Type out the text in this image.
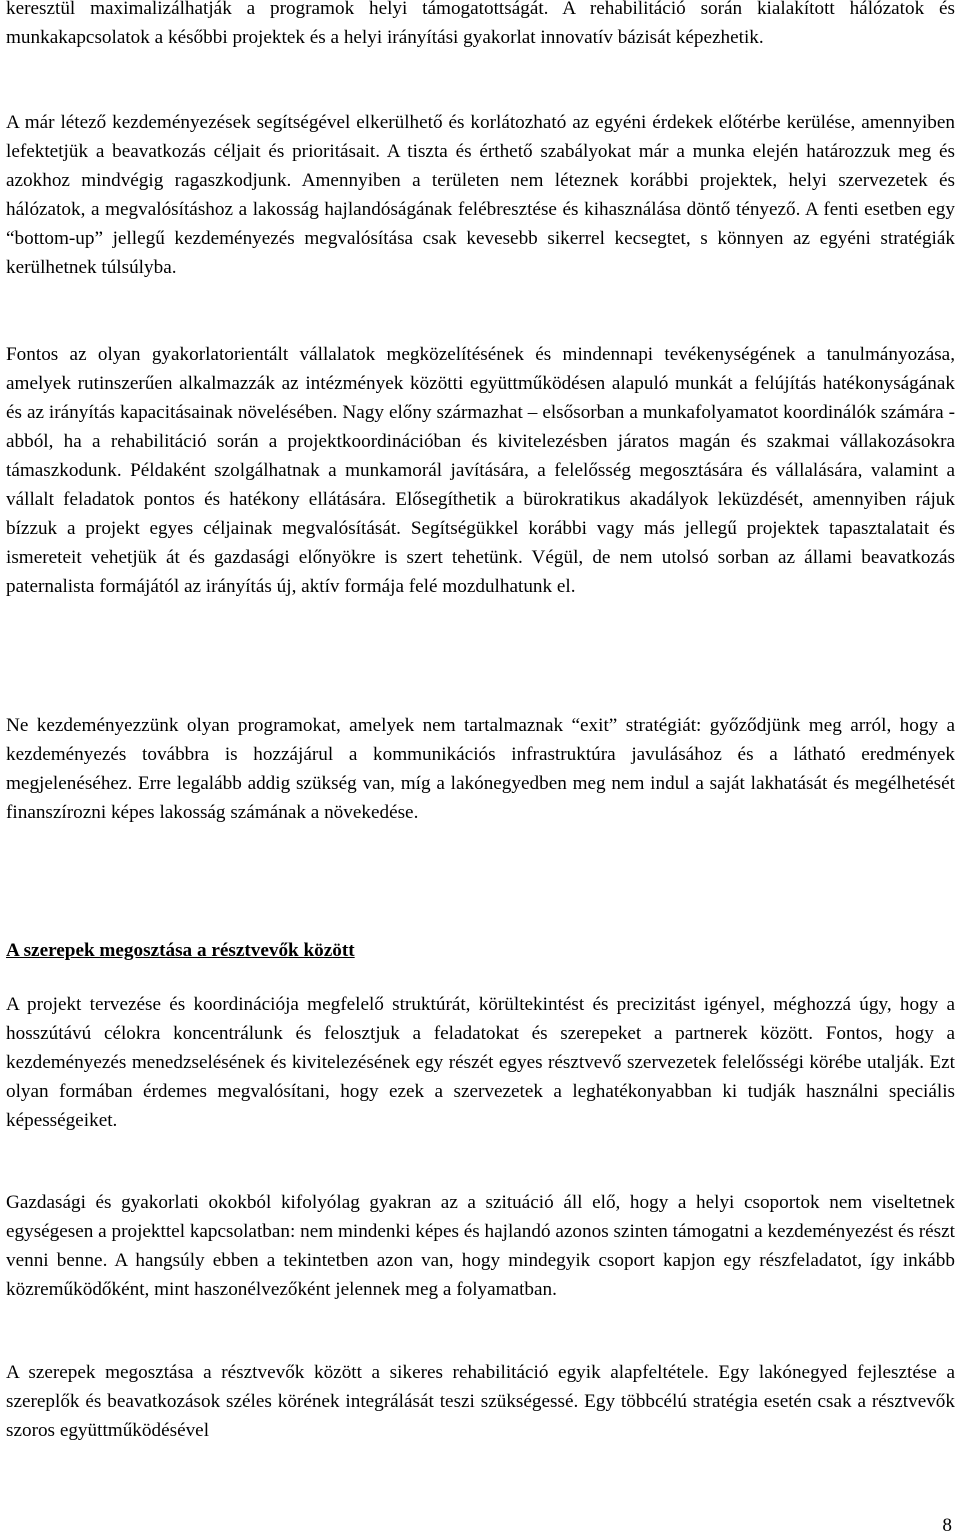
keresztül maximalizálhatják a programok helyi támogatottságát. A rehabilitáció során kialakított hálózatok és munkakapcsolatok a későbbi projektek és a helyi irányítási gyakorlat innovatív bázisát képezhetik.

A már létező kezdeményezések segítségével elkerülhető és korlátozható az egyéni érdekek előtérbe kerülése, amennyiben lefektetjük a beavatkozás céljait és prioritásait. A tiszta és érthető szabályokat már a munka elején határozzuk meg és azokhoz mindvégig ragaszkodjunk. Amennyiben a területen nem léteznek korábbi projektek, helyi szervezetek és hálózatok, a megvalósításhoz a lakosság hajlandóságának felébresztése és kihasználása döntő tényező. A fenti esetben egy “bottom-up” jellegű kezdeményezés megvalósítása csak kevesebb sikerrel kecsegtet, s könnyen az egyéni stratégiák kerülhetnek túlsúlyba.

Fontos az olyan gyakorlatorientált vállalatok megközelítésének és mindennapi tevékenységének a tanulmányozása, amelyek rutinszerűen alkalmazzák az intézmények közötti együttműködésen alapuló munkát a felújítás hatékonyságának és az irányítás kapacitásainak növelésében. Nagy előny származhat – elsősorban a munkafolyamatot koordinálók számára - abból, ha a rehabilitáció során a projektkoordinációban és kivitelezésben járatos magán és szakmai vállakozásokra támaszkodunk. Példaként szolgálhatnak a munkamorál javítására, a felelősség megosztására és vállalására, valamint a vállalt feladatok pontos és hatékony ellátására. Elősegíthetik a bürokratikus akadályok leküzdését, amennyiben rájuk bízzuk a projekt egyes céljainak megvalósítását. Segítségükkel korábbi vagy más jellegű projektek tapasztalatait és ismereteit vehetjük át és gazdasági előnyökre is szert tehetünk. Végül, de nem utolsó sorban az állami beavatkozás paternalista formájától az irányítás új, aktív formája felé mozdulhatunk el.

Ne kezdeményezzünk olyan programokat, amelyek nem tartalmaznak “exit” stratégiát: győződjünk meg arról, hogy a kezdeményezés továbbra is hozzájárul a kommunikációs infrastruktúra javulásához és a látható eredmények megjelenéséhez. Erre legalább addig szükség van, míg a lakónegyedben meg nem indul a saját lakhatását és megélhetését finanszírozni képes lakosság számának a növekedése.

A szerepek megosztása a résztvevők között

A projekt tervezése és koordinációja megfelelő struktúrát, körültekintést és precizitást igényel, méghozzá úgy, hogy a hosszútávú célokra koncentrálunk és felosztjuk a feladatokat és szerepeket a partnerek között. Fontos, hogy a kezdeményezés menedzselésének és kivitelezésének egy részét egyes résztvevő szervezetek felelősségi körébe utalják. Ezt olyan formában érdemes megvalósítani, hogy ezek a szervezetek a leghatékonyabban ki tudják használni speciális képességeiket.

Gazdasági és gyakorlati okokból kifolyólag gyakran az a szituáció áll elő, hogy a helyi csoportok nem viseltetnek egységesen a projekttel kapcsolatban: nem mindenki képes és hajlandó azonos szinten támogatni a kezdeményezést és részt venni benne. A hangsúly ebben a tekintetben azon van, hogy mindegyik csoport kapjon egy részfeladatot, így inkább közreműködőként, mint haszonélvezőként jelennek meg a folyamatban.

A szerepek megosztása a résztvevők között a sikeres rehabilitáció egyik alapfeltétele. Egy lakónegyed fejlesztése a szereplők és beavatkozások széles körének integrálását teszi szükségessé. Egy többcélú stratégia esetén csak a résztvevők szoros együttműködésével

8
